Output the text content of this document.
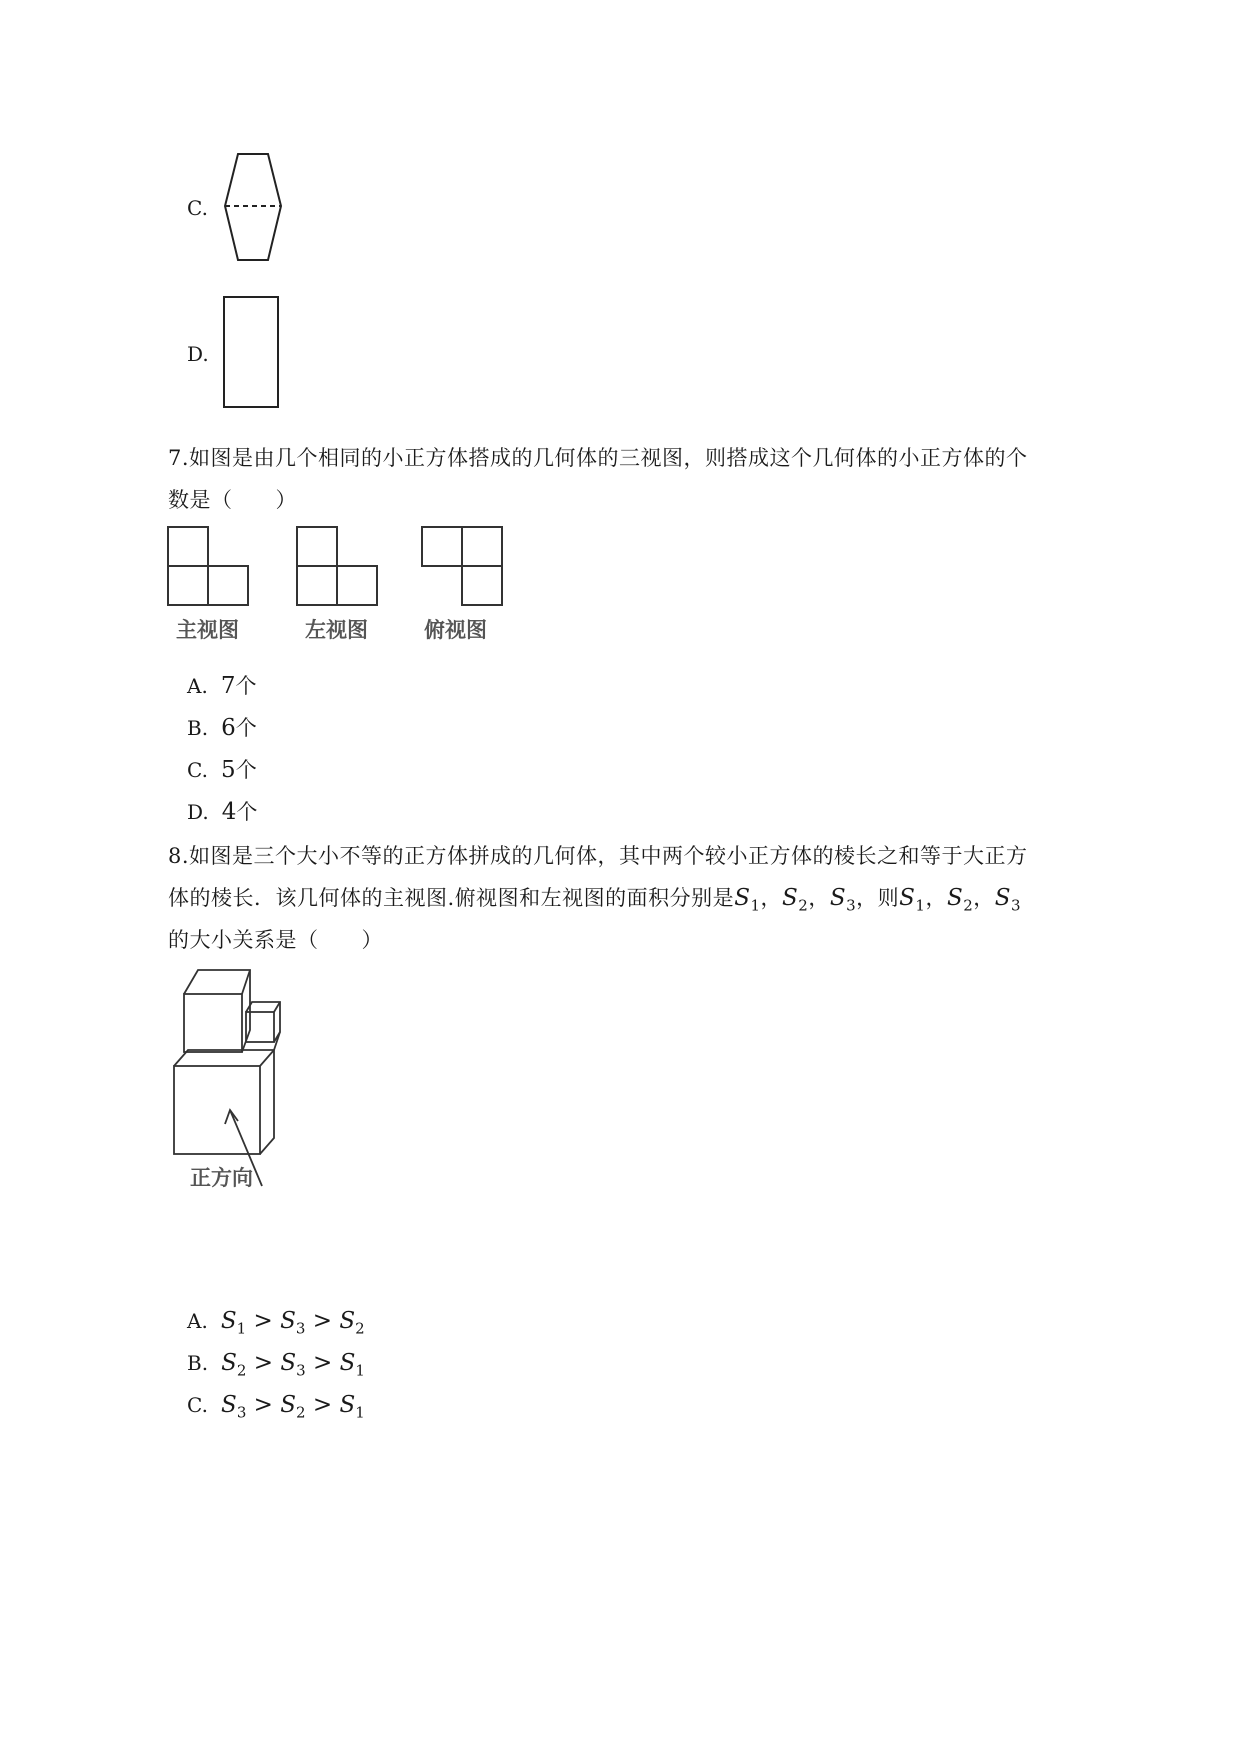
C.
D.
7.如图是由几个相同的小正方体搭成的几何体的三视图，则搭成这个几何体的小正方体的个
数是（　　）
主视图	左视图	俯视图
A. 7个
B. 6个
C. 5个
D. 4个
8.如图是三个大小不等的正方体拼成的几何体，其中两个较小正方体的棱长之和等于大正方
体的棱长．该几何体的主视图.俯视图和左视图的面积分别是$S_1$，$S_2$，$S_3$，则$S_1$，$S_2$，$S_3$
的大小关系是（　　）
正方向
A. $S_1 > S_3 > S_2$
B. $S_2 > S_3 > S_1$
C. $S_3 > S_2 > S_1$
